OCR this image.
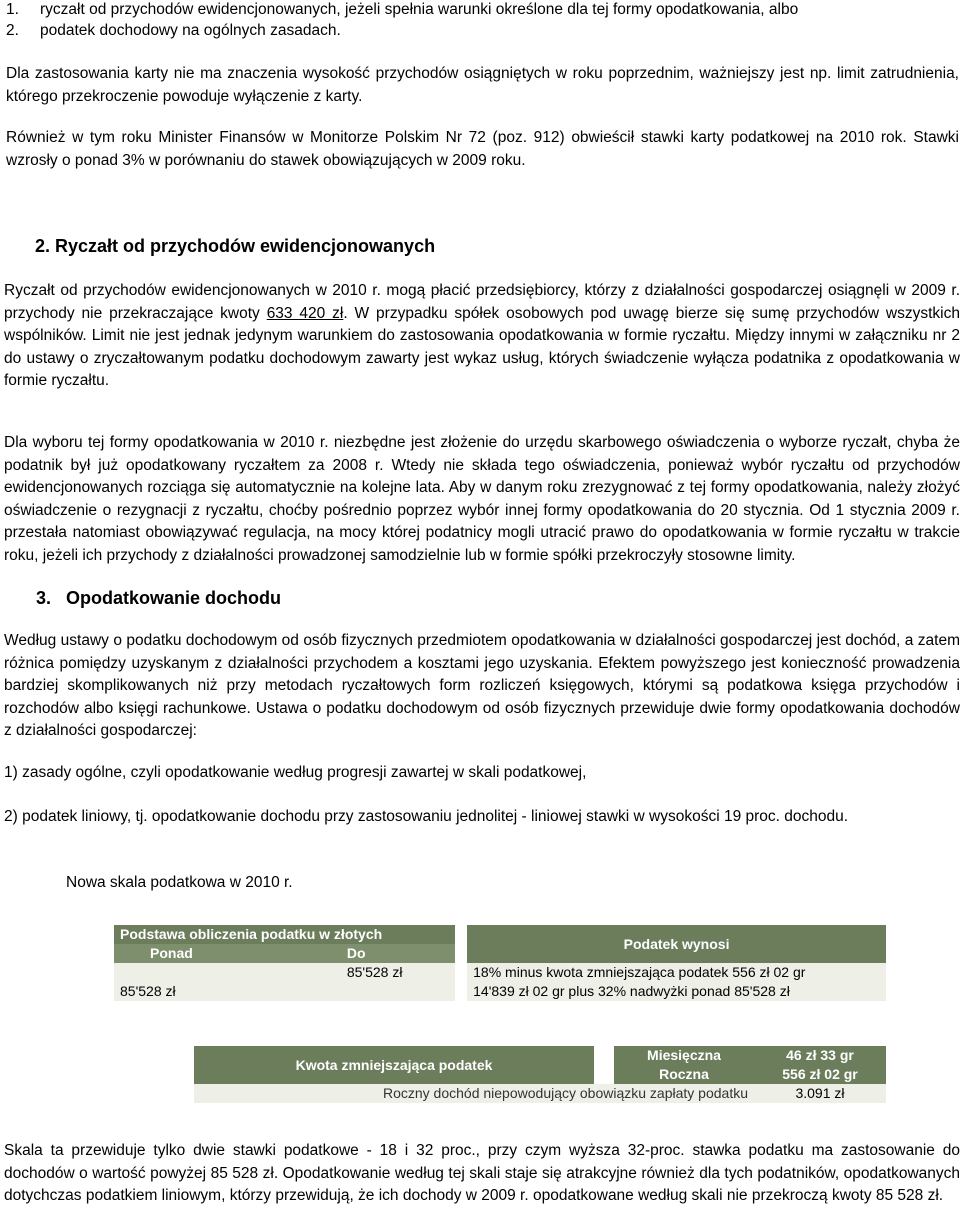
1. ryczałt od przychodów ewidencjonowanych, jeżeli spełnia warunki określone dla tej formy opodatkowania, albo
2. podatek dochodowy na ogólnych zasadach.
Dla zastosowania karty nie ma znaczenia wysokość przychodów osiągniętych w roku poprzednim, ważniejszy jest np. limit zatrudnienia, którego przekroczenie powoduje wyłączenie z karty.
Również w tym roku Minister Finansów w Monitorze Polskim Nr 72 (poz. 912) obwieścił stawki karty podatkowej na 2010 rok. Stawki wzrosły o ponad 3% w porównaniu do stawek obowiązujących w 2009 roku.
2. Ryczałt od przychodów ewidencjonowanych
Ryczałt od przychodów ewidencjonowanych w 2010 r. mogą płacić przedsiębiorcy, którzy z działalności gospodarczej osiągnęli w 2009 r. przychody nie przekraczające kwoty 633 420 zł. W przypadku spółek osobowych pod uwagę bierze się sumę przychodów wszystkich wspólników. Limit nie jest jednak jedynym warunkiem do zastosowania opodatkowania w formie ryczałtu. Między innymi w załączniku nr 2 do ustawy o zryczałtowanym podatku dochodowym zawarty jest wykaz usług, których świadczenie wyłącza podatnika z opodatkowania w formie ryczałtu.
Dla wyboru tej formy opodatkowania w 2010 r. niezbędne jest złożenie do urzędu skarbowego oświadczenia o wyborze ryczałt, chyba że podatnik był już opodatkowany ryczałtem za 2008 r. Wtedy nie składa tego oświadczenia, ponieważ wybór ryczałtu od przychodów ewidencjonowanych rozciąga się automatycznie na kolejne lata. Aby w danym roku zrezygnować z tej formy opodatkowania, należy złożyć oświadczenie o rezygnacji z ryczałtu, choćby pośrednio poprzez wybór innej formy opodatkowania do 20 stycznia. Od 1 stycznia 2009 r. przestała natomiast obowiązywać regulacja, na mocy której podatnicy mogli utracić prawo do opodatkowania w formie ryczałtu w trakcie roku, jeżeli ich przychody z działalności prowadzonej samodzielnie lub w formie spółki przekroczyły stosowne limity.
3. Opodatkowanie dochodu
Według ustawy o podatku dochodowym od osób fizycznych przedmiotem opodatkowania w działalności gospodarczej jest dochód, a zatem różnica pomiędzy uzyskanym z działalności przychodem a kosztami jego uzyskania. Efektem powyższego jest konieczność prowadzenia bardziej skomplikowanych niż przy metodach ryczałtowych form rozliczeń księgowych, którymi są podatkowa księga przychodów i rozchodów albo księgi rachunkowe. Ustawa o podatku dochodowym od osób fizycznych przewiduje dwie formy opodatkowania dochodów z działalności gospodarczej:
1) zasady ogólne, czyli opodatkowanie według progresji zawartej w skali podatkowej,
2) podatek liniowy, tj. opodatkowanie dochodu przy zastosowaniu jednolitej - liniowej stawki w wysokości 19 proc. dochodu.
Nowa skala podatkowa w 2010 r.

Podstawa obliczenia podatku w złotych			Podatek wynosi
Ponad	Do		
	85'528 zł		18% minus kwota zmniejszająca podatek 556 zł 02 gr
85'528 zł			14'839 zł 02 gr plus 32% nadwyżki ponad 85'528 zł
	Kwota zmniejszająca podatek		Miesięczna	46 zł 33 gr
			Roczna	556 zł 02 gr
	Roczny dochód niepowodujący obowiązku zapłaty podatku			3.091 zł
Skala ta przewiduje tylko dwie stawki podatkowe - 18 i 32 proc., przy czym wyższa 32-proc. stawka podatku ma zastosowanie do dochodów o wartość powyżej 85 528 zł. Opodatkowanie według tej skali staje się atrakcyjne również dla tych podatników, opodatkowanych dotychczas podatkiem liniowym, którzy przewidują, że ich dochody w 2009 r. opodatkowane według skali nie przekroczą kwoty 85 528 zł.
